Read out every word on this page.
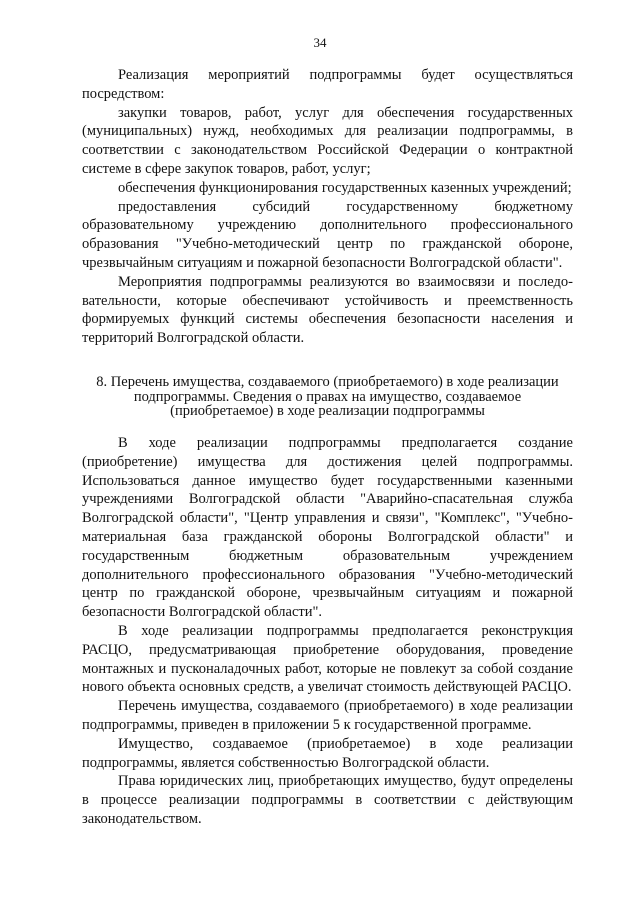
34

Реализация мероприятий подпрограммы будет осуществляться посредством:

закупки товаров, работ, услуг для обеспечения государственных (муниципальных) нужд, необходимых для реализации подпрограммы, в соответствии с законодательством Российской Федерации о контрактной системе в сфере закупок товаров, работ, услуг;

обеспечения функционирования государственных казенных учреждений;

предоставления субсидий государственному бюджетному образовательному учреждению дополнительного профессионального образования "Учебно-методический центр по гражданской обороне, чрезвычайным ситуациям и пожарной безопасности Волгоградской области".

Мероприятия подпрограммы реализуются во взаимосвязи и последо-вательности, которые обеспечивают устойчивость и преемственность формируемых функций системы обеспечения безопасности населения и территорий Волгоградской области.

8. Перечень имущества, создаваемого (приобретаемого) в ходе реализации подпрограммы. Сведения о правах на имущество, создаваемое (приобретаемое) в ходе реализации подпрограммы

В ходе реализации подпрограммы предполагается создание (приобретение) имущества для достижения целей подпрограммы. Использоваться данное имущество будет государственными казенными учреждениями Волгоградской области "Аварийно-спасательная служба Волгоградской области", "Центр управления и связи", "Комплекс", "Учебно-материальная база гражданской обороны Волгоградской области" и государственным бюджетным образовательным учреждением дополнительного профессионального образования "Учебно-методический центр по гражданской обороне, чрезвычайным ситуациям и пожарной безопасности Волгоградской области".

В ходе реализации подпрограммы предполагается реконструкция РАСЦО, предусматривающая приобретение оборудования, проведение монтажных и пусконаладочных работ, которые не повлекут за собой создание нового объекта основных средств, а увеличат стоимость действующей РАСЦО.

Перечень имущества, создаваемого (приобретаемого) в ходе реализации подпрограммы, приведен в приложении 5 к государственной программе.

Имущество, создаваемое (приобретаемое) в ходе реализации подпрограммы, является собственностью Волгоградской области.

Права юридических лиц, приобретающих имущество, будут определены в процессе реализации подпрограммы в соответствии с действующим законодательством.
